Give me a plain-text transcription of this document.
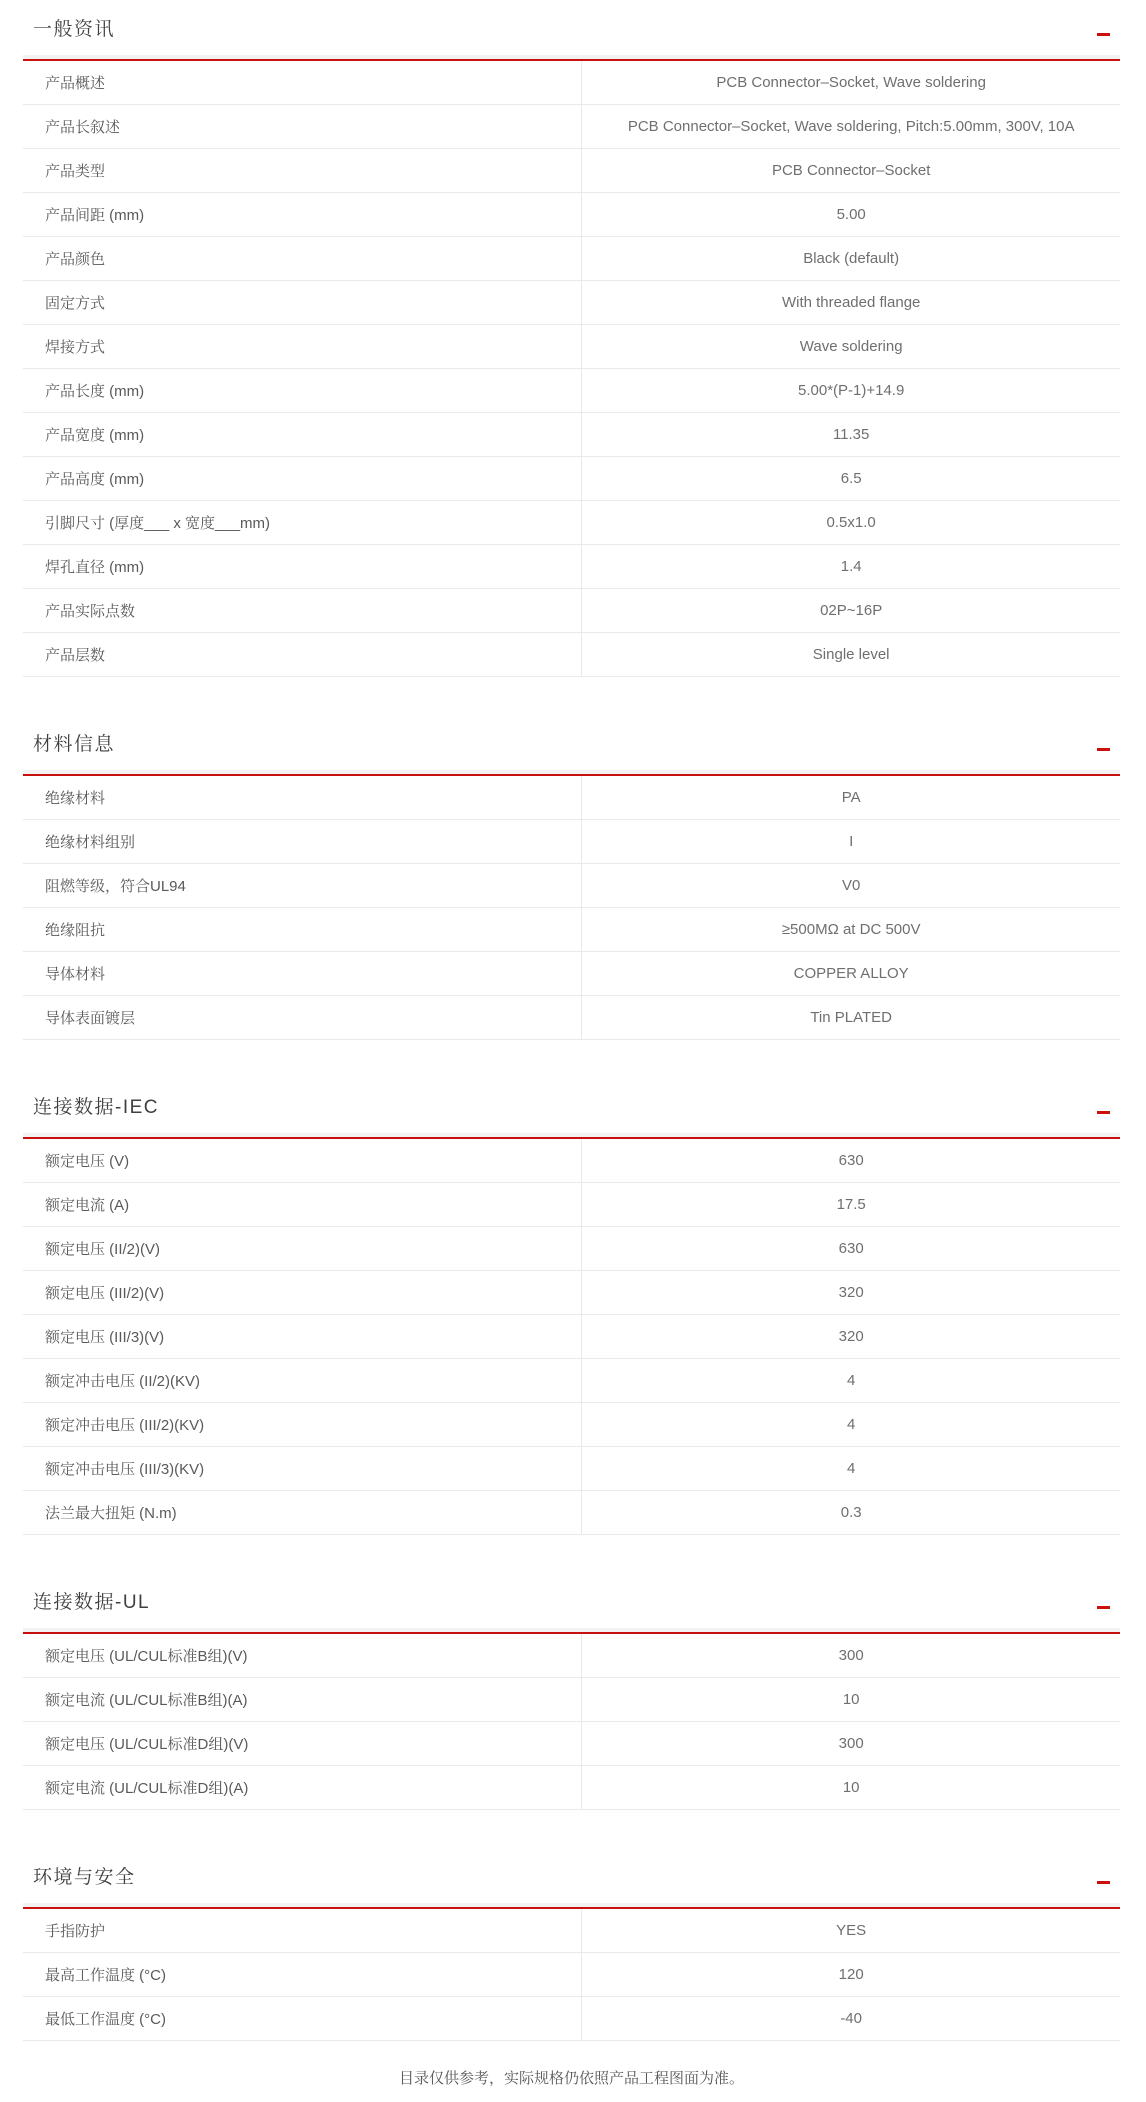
一般资讯
产品概述	PCB Connector–Socket, Wave soldering
产品长叙述	PCB Connector–Socket, Wave soldering, Pitch:5.00mm, 300V, 10A
产品类型	PCB Connector–Socket
产品间距 (mm)	5.00
产品颜色	Black (default)
固定方式	With threaded flange
焊接方式	Wave soldering
产品长度 (mm)	5.00*(P-1)+14.9
产品宽度 (mm)	11.35
产品高度 (mm)	6.5
引脚尺寸 (厚度___ x 宽度___mm)	0.5x1.0
焊孔直径 (mm)	1.4
产品实际点数	02P~16P
产品层数	Single level
材料信息
绝缘材料	PA
绝缘材料组别	I
阻燃等级，符合UL94	V0
绝缘阻抗	≥500MΩ at DC 500V
导体材料	COPPER ALLOY
导体表面镀层	Tin PLATED
连接数据-IEC
额定电压 (V)	630
额定电流 (A)	17.5
额定电压 (II/2)(V)	630
额定电压 (III/2)(V)	320
额定电压 (III/3)(V)	320
额定冲击电压 (II/2)(KV)	4
额定冲击电压 (III/2)(KV)	4
额定冲击电压 (III/3)(KV)	4
法兰最大扭矩 (N.m)	0.3
连接数据-UL
额定电压 (UL/CUL标准B组)(V)	300
额定电流 (UL/CUL标准B组)(A)	10
额定电压 (UL/CUL标准D组)(V)	300
额定电流 (UL/CUL标准D组)(A)	10
环境与安全
手指防护	YES
最高工作温度 (°C)	120
最低工作温度 (°C)	-40
目录仅供参考，实际规格仍依照产品工程图面为准。
